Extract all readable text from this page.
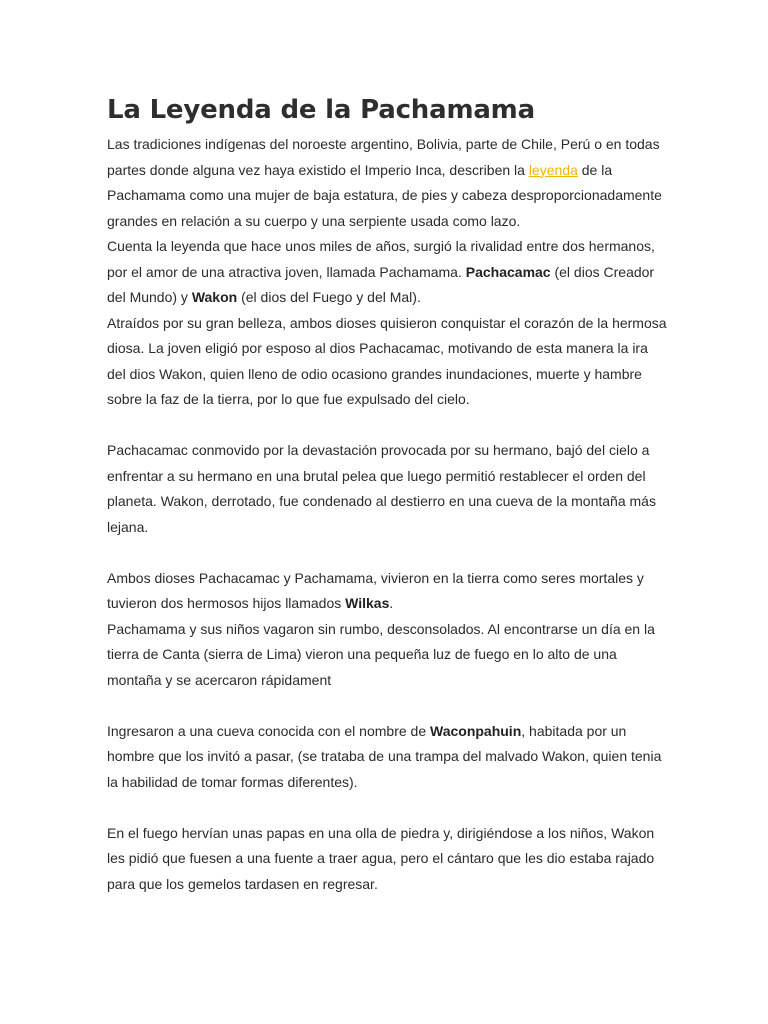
La Leyenda de la Pachamama

Las tradiciones indígenas del noroeste argentino, Bolivia, parte de Chile, Perú o en todas partes donde alguna vez haya existido el Imperio Inca, describen la leyenda de la Pachamama como una mujer de baja estatura, de pies y cabeza desproporcionadamente grandes en relación a su cuerpo y una serpiente usada como lazo.

Cuenta la leyenda que hace unos miles de años, surgió la rivalidad entre dos hermanos, por el amor de una atractiva joven, llamada Pachamama. Pachacamac (el dios Creador del Mundo) y Wakon (el dios del Fuego y del Mal).

Atraídos por su gran belleza, ambos dioses quisieron conquistar el corazón de la hermosa diosa. La joven eligió por esposo al dios Pachacamac, motivando de esta manera la ira del dios Wakon, quien lleno de odio ocasiono grandes inundaciones, muerte y hambre sobre la faz de la tierra, por lo que fue expulsado del cielo.

Pachacamac conmovido por la devastación provocada por su hermano, bajó del cielo a enfrentar a su hermano en una brutal pelea que luego permitió restablecer el orden del planeta. Wakon, derrotado, fue condenado al destierro en una cueva de la montaña más lejana.

Ambos dioses Pachacamac y Pachamama, vivieron en la tierra como seres mortales y tuvieron dos hermosos hijos llamados Wilkas.

Pachamama y sus niños vagaron sin rumbo, desconsolados. Al encontrarse un día en la tierra de Canta (sierra de Lima) vieron una pequeña luz de fuego en lo alto de una montaña y se acercaron rápidament

Ingresaron a una cueva conocida con el nombre de Waconpahuin, habitada por un hombre que los invitó a pasar, (se trataba de una trampa del malvado Wakon, quien tenia la habilidad de tomar formas diferentes).

En el fuego hervían unas papas en una olla de piedra y, dirigiéndose a los niños, Wakon les pidió que fuesen a una fuente a traer agua, pero el cántaro que les dio estaba rajado para que los gemelos tardasen en regresar.
